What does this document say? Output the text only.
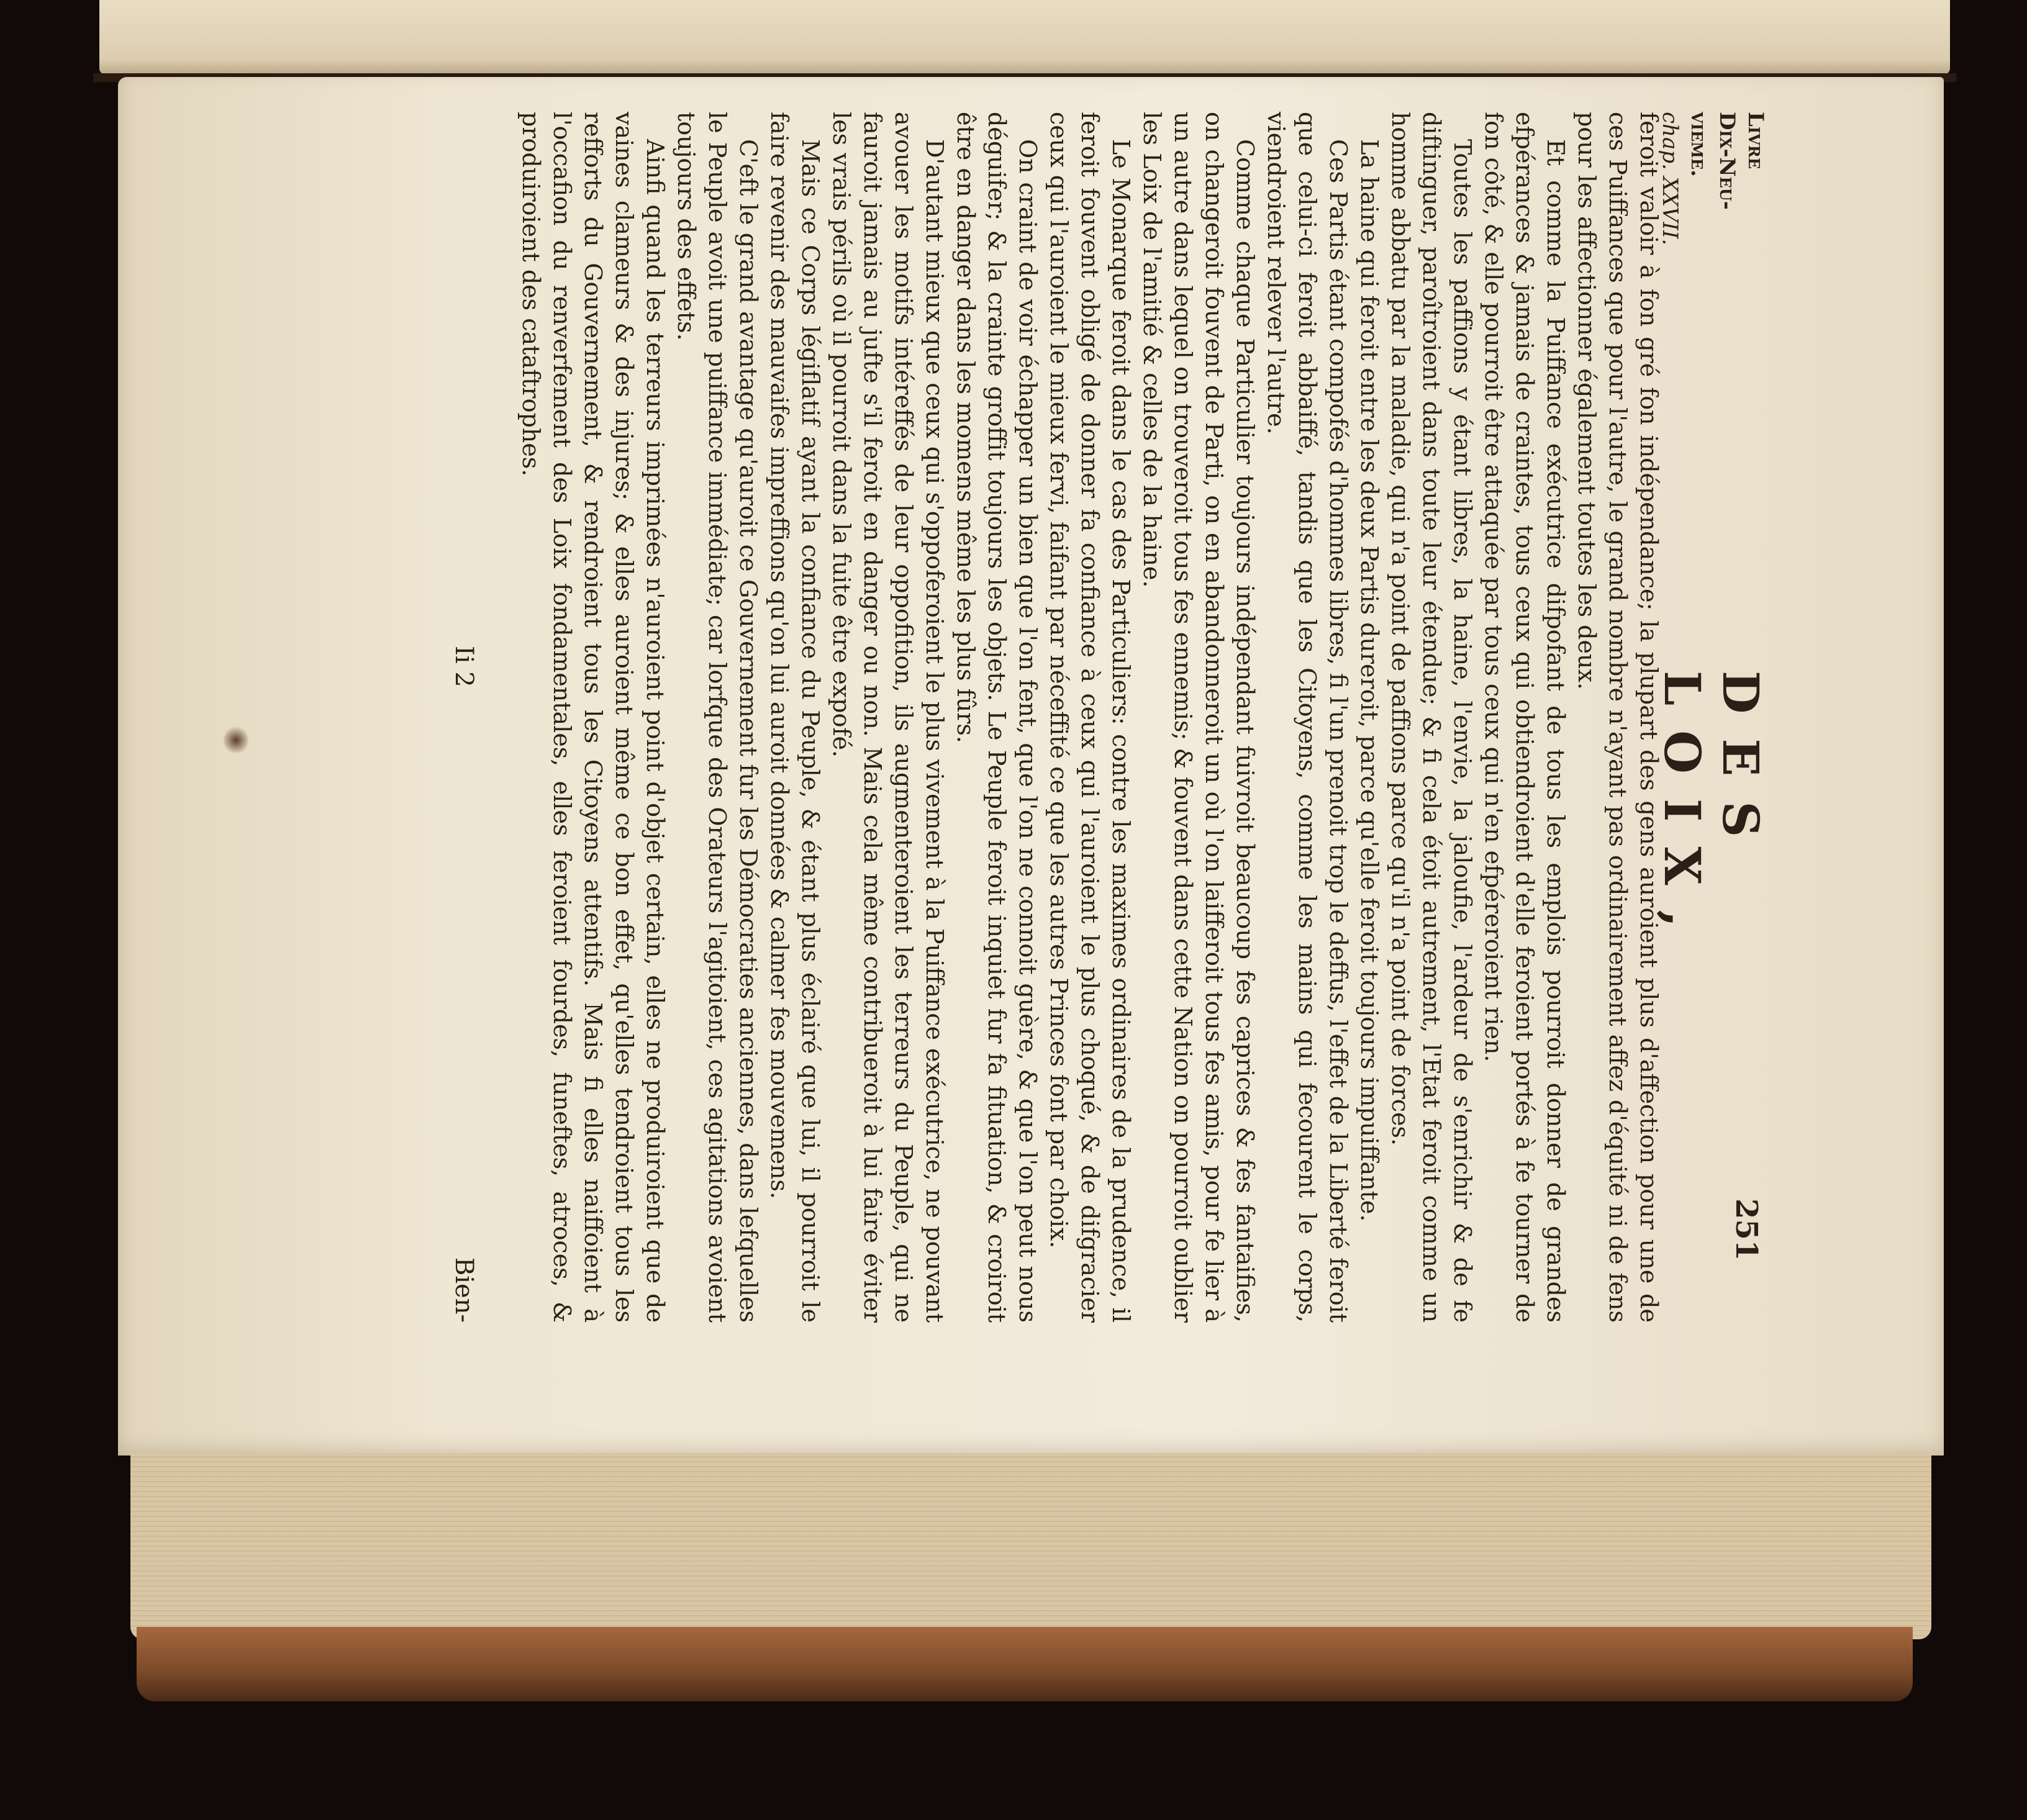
Livre
Dix-Neu-
vieme.
chap. XXVII.
DES LOIX,
251

feroit valoir à fon gré fon indépendance; la plupart des gens auroient plus d'affection pour une de ces Puiffances que pour l'autre, le grand nombre n'ayant pas ordinairement affez d'équité ni de fens pour les affectionner également toutes les deux.

Et comme la Puiffance exécutrice difpofant de tous les emplois pourroit donner de grandes efpérances & jamais de craintes, tous ceux qui obtiendroient d'elle feroient portés à fe tourner de fon côté, & elle pourroit être attaquée par tous ceux qui n'en efpéreroient rien.

Toutes les paffions y étant libres, la haine, l'envie, la jaloufie, l'ardeur de s'enrichir & de fe diftinguer, paroîtroient dans toute leur étendue; & fi cela étoit autrement, l'Etat feroit comme un homme abbatu par la maladie, qui n'a point de paffions parce qu'il n'a point de forces.

La haine qui feroit entre les deux Partis dureroit, parce qu'elle feroit toujours impuiffante.

Ces Partis étant compofés d'hommes libres, fi l'un prenoit trop le deffus, l'effet de la Liberté feroit que celui-ci feroit abbaiffé, tandis que les Citoyens, comme les mains qui fecourent le corps, viendroient relever l'autre.

Comme chaque Particulier toujours indépendant fuivroit beaucoup fes caprices & fes fantaifies, on changeroit fouvent de Parti, on en abandonneroit un où l'on laifferoit tous fes amis, pour fe lier à un autre dans lequel on trouveroit tous fes ennemis; & fouvent dans cette Nation on pourroit oublier les Loix de l'amitié & celles de la haine.

Le Monarque feroit dans le cas des Particuliers: contre les maximes ordinaires de la prudence, il feroit fouvent obligé de donner fa confiance à ceux qui l'auroient le plus choqué, & de difgracier ceux qui l'auroient le mieux fervi, faifant par néceffité ce que les autres Princes font par choix.

On craint de voir échapper un bien que l'on fent, que l'on ne connoit guère, & que l'on peut nous déguifer; & la crainte groffit toujours les objets. Le Peuple feroit inquiet fur fa fituation, & croiroit être en danger dans les momens même les plus fûrs.

D'autant mieux que ceux qui s'oppoferoient le plus vivement à la Puiffance exécutrice, ne pouvant avouer les motifs intéreffés de leur oppofition, ils augmenteroient les terreurs du Peuple, qui ne fauroit jamais au jufte s'il feroit en danger ou non. Mais cela même contribueroit à lui faire éviter les vrais périls où il pourroit dans la fuite être expofé.

Mais ce Corps légiflatif ayant la confiance du Peuple, & étant plus éclairé que lui, il pourroit le faire revenir des mauvaifes impreffions qu'on lui auroit données & calmer fes mouvemens.

C'eft le grand avantage qu'auroit ce Gouvernement fur les Démocraties anciennes, dans lefquelles le Peuple avoit une puiffance immédiate; car lorfque des Orateurs l'agitoient, ces agitations avoient toujours des effets.

Ainfi quand les terreurs imprimées n'auroient point d'objet certain, elles ne produiroient que de vaines clameurs & des injures; & elles auroient même ce bon effet, qu'elles tendroient tous les refforts du Gouvernement, & rendroient tous les Citoyens attentifs. Mais fi elles naiffoient à l'occafion du renverfement des Loix fondamentales, elles feroient fourdes, funeftes, atroces, & produiroient des cataftrophes.

Ii 2
Bien-
